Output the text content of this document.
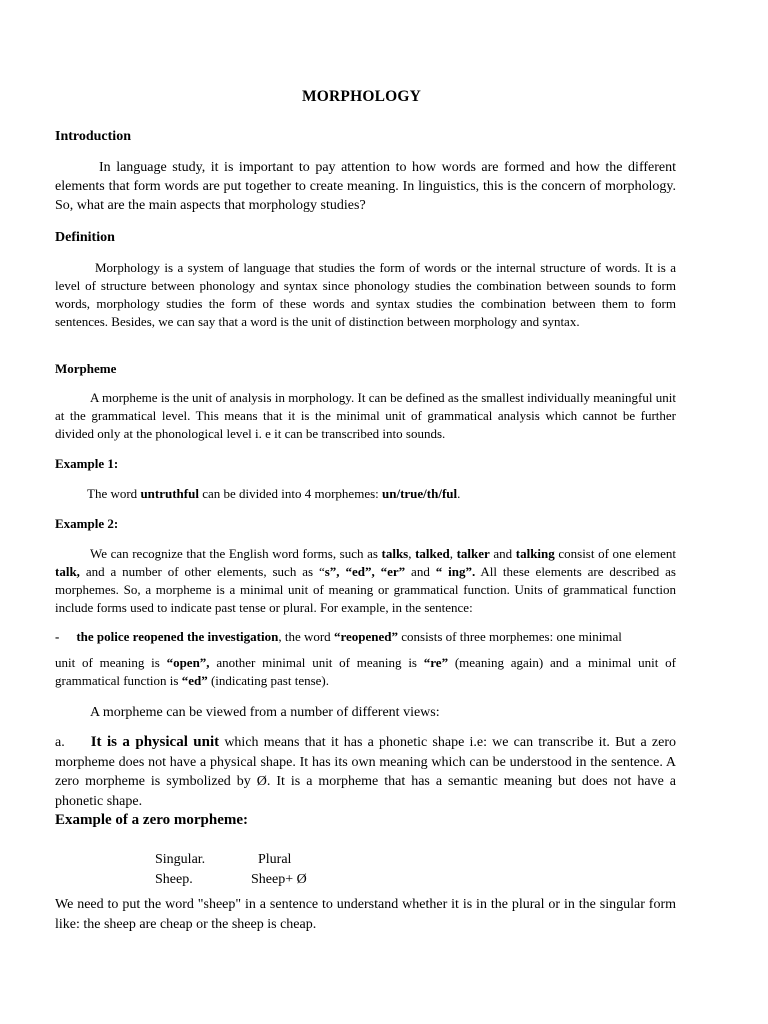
MORPHOLOGY
Introduction

In language study, it is important to pay attention to how words are formed and how the different elements that form words are put together to create meaning. In linguistics, this is the concern of morphology. So, what are the main aspects that morphology studies?

Definition

Morphology is a system of language that studies the form of words or the internal structure of words. It is a level of structure between phonology and syntax since phonology studies the combination between sounds to form words, morphology studies the form of these words and syntax studies the combination between them to form sentences. Besides, we can say that a word is the unit of distinction between morphology and syntax.

Morpheme

A morpheme is the unit of analysis in morphology. It can be defined as the smallest individually meaningful unit at the grammatical level. This means that it is the minimal unit of grammatical analysis which cannot be further divided only at the phonological level i. e it can be transcribed into sounds.

Example 1:

The word untruthful can be divided into 4 morphemes: un/true/th/ful.

Example 2:

We can recognize that the English word forms, such as talks, talked, talker and talking consist of one element talk, and a number of other elements, such as “s”, “ed”, “er” and “ ing”. All these elements are described as morphemes. So, a morpheme is a minimal unit of meaning or grammatical function. Units of grammatical function include forms used to indicate past tense or plural. For example, in the sentence:

- the police reopened the investigation, the word “reopened” consists of three morphemes: one minimal

unit of meaning is “open”, another minimal unit of meaning is “re” (meaning again) and a minimal unit of grammatical function is “ed” (indicating past tense).

A morpheme can be viewed from a number of different views:

a. It is a physical unit which means that it has a phonetic shape i.e: we can transcribe it. But a zero morpheme does not have a physical shape. It has its own meaning which can be understood in the sentence. A zero morpheme is symbolized by Ø. It is a morpheme that has a semantic meaning but does not have a phonetic shape.

Example of a zero morpheme:
Singular.	Plural
Sheep.	Sheep+ Ø

We need to put the word "sheep" in a sentence to understand whether it is in the plural or in the singular form like: the sheep are cheap or the sheep is cheap.
